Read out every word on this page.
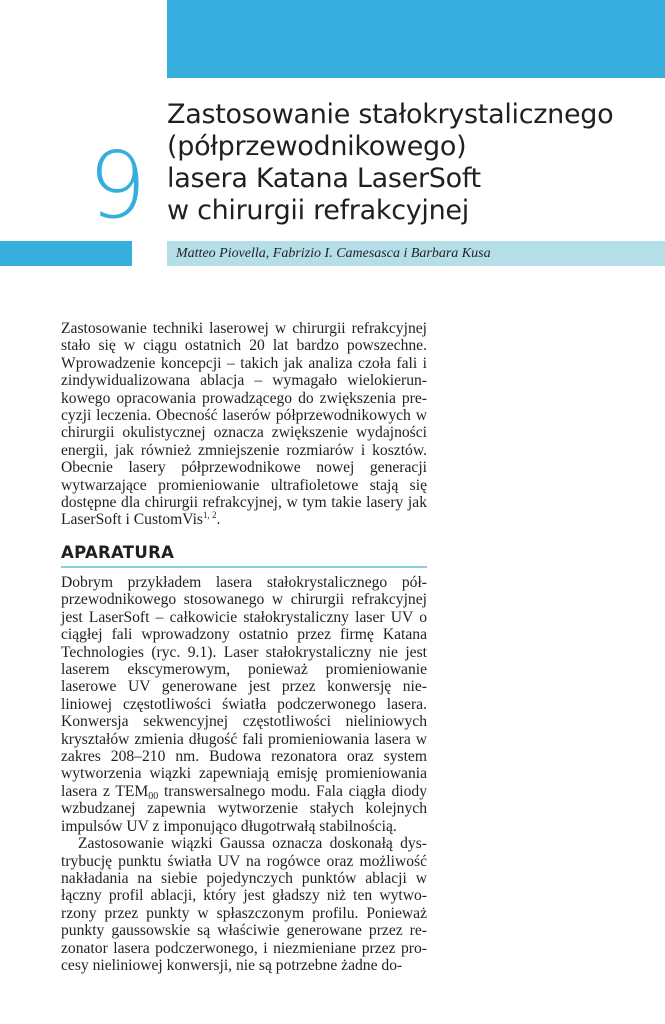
9
Zastosowanie stałokrystalicznego
(półprzewodnikowego)
lasera Katana LaserSoft
w chirurgii refrakcyjnej
Matteo Piovella, Fabrizio I. Camesasca i Barbara Kusa

Zastosowanie techniki laserowej w chirurgii refrakcyjnej stało się w ciągu ostatnich 20 lat bardzo powszechne. Wprowadzenie koncepcji – takich jak analiza czoła fali i zindywidualizowana ablacja – wymagało wielokierunkowego opracowania prowadzącego do zwiększenia precyzji leczenia. Obecność laserów półprzewodnikowych w chirurgii okulistycznej oznacza zwiększenie wydajności energii, jak również zmniejszenie rozmiarów i kosztów. Obecnie lasery półprzewodnikowe nowej generacji wytwarzające promieniowanie ultrafioletowe stają się dostępne dla chirurgii refrakcyjnej, w tym takie lasery jak LaserSoft i CustomVis$^{1, 2}$.

APARATURA

Dobrym przykładem lasera stałokrystalicznego półprzewodnikowego stosowanego w chirurgii refrakcyjnej jest LaserSoft – całkowicie stałokrystaliczny laser UV o ciągłej fali wprowadzony ostatnio przez firmę Katana Technologies (ryc. 9.1). Laser stałokrystaliczny nie jest laserem ekscymerowym, ponieważ promieniowanie laserowe UV generowane jest przez konwersję nieliniowej częstotliwości światła podczerwonego lasera. Konwersja sekwencyjnej częstotliwości nieliniowych kryształów zmienia długość fali promieniowania lasera w zakres 208–210 nm. Budowa rezonatora oraz system wytworzenia wiązki zapewniają emisję promieniowania lasera z $TEM_{00}$ transwersalnego modu. Fala ciągła diody wzbudzanej zapewnia wytworzenie stałych kolejnych impulsów UV z imponująco długotrwałą stabilnością.

Zastosowanie wiązki Gaussa oznacza doskonałą dystrybucję punktu światła UV na rogówce oraz możliwość nakładania na siebie pojedynczych punktów ablacji w łączny profil ablacji, który jest gładszy niż ten wytworzony przez punkty w spłaszczonym profilu. Ponieważ punkty gaussowskie są właściwie generowane przez rezonator lasera podczerwonego, i niezmieniane przez procesy nieliniowej konwersji, nie są potrzebne żadne do-
